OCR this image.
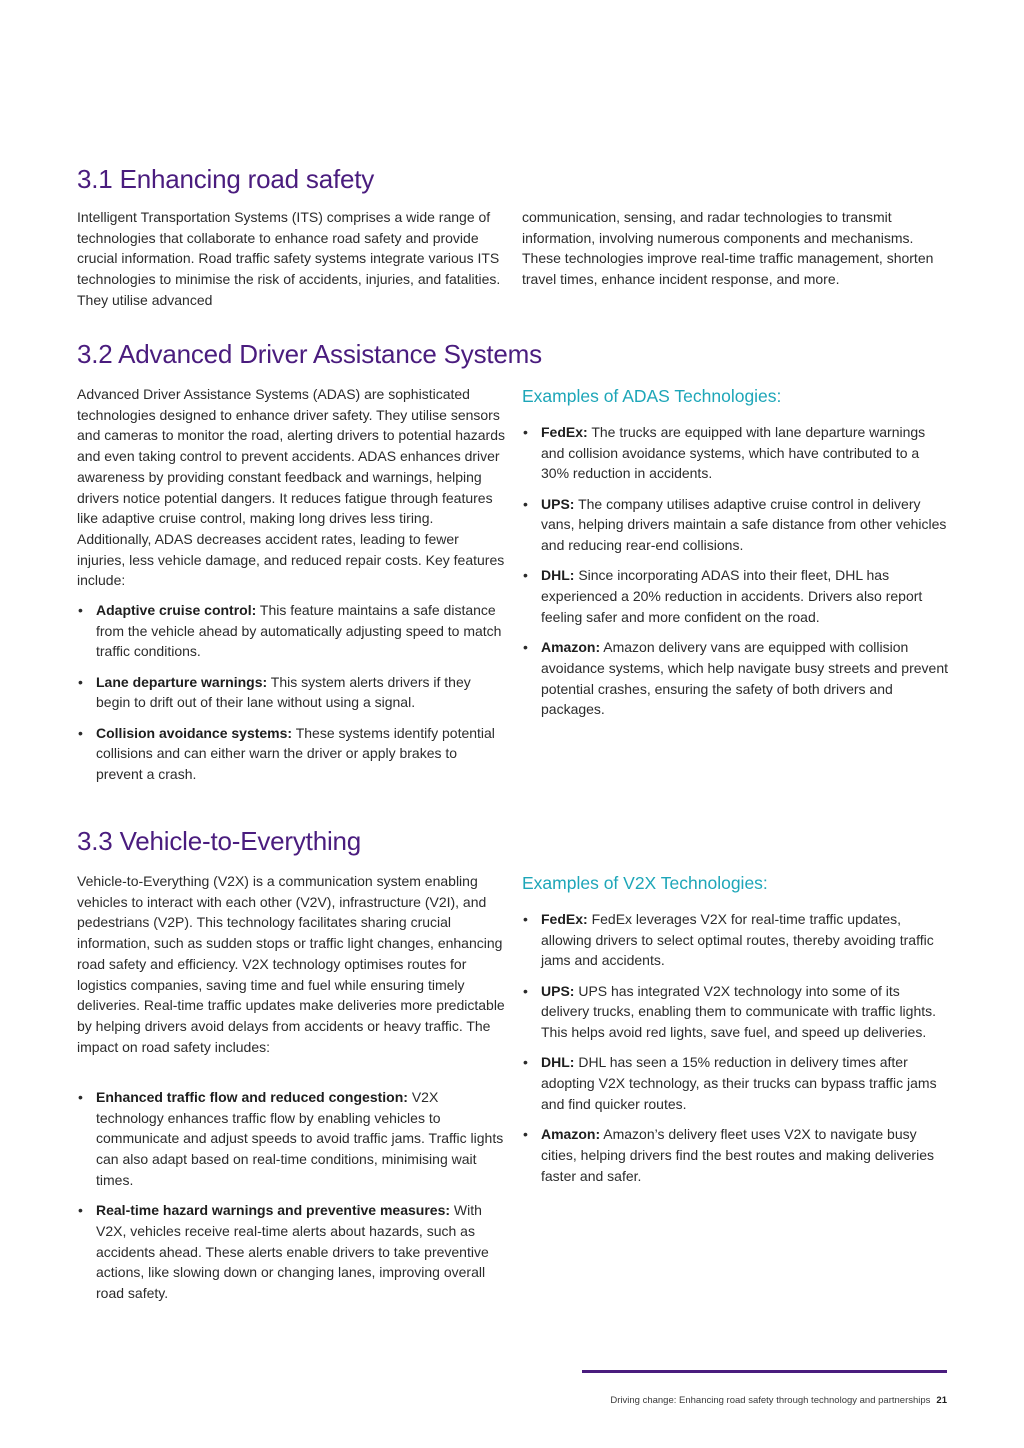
3.1 Enhancing road safety

Intelligent Transportation Systems (ITS) comprises a wide range of technologies that collaborate to enhance road safety and provide crucial information. Road traffic safety systems integrate various ITS technologies to minimise the risk of accidents, injuries, and fatalities. They utilise advanced

communication, sensing, and radar technologies to transmit information, involving numerous components and mechanisms. These technologies improve real-time traffic management, shorten travel times, enhance incident response, and more.

3.2 Advanced Driver Assistance Systems

Advanced Driver Assistance Systems (ADAS) are sophisticated technologies designed to enhance driver safety. They utilise sensors and cameras to monitor the road, alerting drivers to potential hazards and even taking control to prevent accidents. ADAS enhances driver awareness by providing constant feedback and warnings, helping drivers notice potential dangers. It reduces fatigue through features like adaptive cruise control, making long drives less tiring. Additionally, ADAS decreases accident rates, leading to fewer injuries, less vehicle damage, and reduced repair costs. Key features include:

• Adaptive cruise control: This feature maintains a safe distance from the vehicle ahead by automatically adjusting speed to match traffic conditions.
• Lane departure warnings: This system alerts drivers if they begin to drift out of their lane without using a signal.
• Collision avoidance systems: These systems identify potential collisions and can either warn the driver or apply brakes to prevent a crash.
Examples of ADAS Technologies:
• FedEx: The trucks are equipped with lane departure warnings and collision avoidance systems, which have contributed to a 30% reduction in accidents.
• UPS: The company utilises adaptive cruise control in delivery vans, helping drivers maintain a safe distance from other vehicles and reducing rear-end collisions.
• DHL: Since incorporating ADAS into their fleet, DHL has experienced a 20% reduction in accidents. Drivers also report feeling safer and more confident on the road.
• Amazon: Amazon delivery vans are equipped with collision avoidance systems, which help navigate busy streets and prevent potential crashes, ensuring the safety of both drivers and packages.
3.3 Vehicle-to-Everything

Vehicle-to-Everything (V2X) is a communication system enabling vehicles to interact with each other (V2V), infrastructure (V2I), and pedestrians (V2P). This technology facilitates sharing crucial information, such as sudden stops or traffic light changes, enhancing road safety and efficiency. V2X technology optimises routes for logistics companies, saving time and fuel while ensuring timely deliveries. Real-time traffic updates make deliveries more predictable by helping drivers avoid delays from accidents or heavy traffic. The impact on road safety includes:

• Enhanced traffic flow and reduced congestion: V2X technology enhances traffic flow by enabling vehicles to communicate and adjust speeds to avoid traffic jams. Traffic lights can also adapt based on real-time conditions, minimising wait times.
• Real-time hazard warnings and preventive measures: With V2X, vehicles receive real-time alerts about hazards, such as accidents ahead. These alerts enable drivers to take preventive actions, like slowing down or changing lanes, improving overall road safety.
Examples of V2X Technologies:
• FedEx: FedEx leverages V2X for real-time traffic updates, allowing drivers to select optimal routes, thereby avoiding traffic jams and accidents.
• UPS: UPS has integrated V2X technology into some of its delivery trucks, enabling them to communicate with traffic lights. This helps avoid red lights, save fuel, and speed up deliveries.
• DHL: DHL has seen a 15% reduction in delivery times after adopting V2X technology, as their trucks can bypass traffic jams and find quicker routes.
• Amazon: Amazon’s delivery fleet uses V2X to navigate busy cities, helping drivers find the best routes and making deliveries faster and safer.
Driving change: Enhancing road safety through technology and partnerships 21
